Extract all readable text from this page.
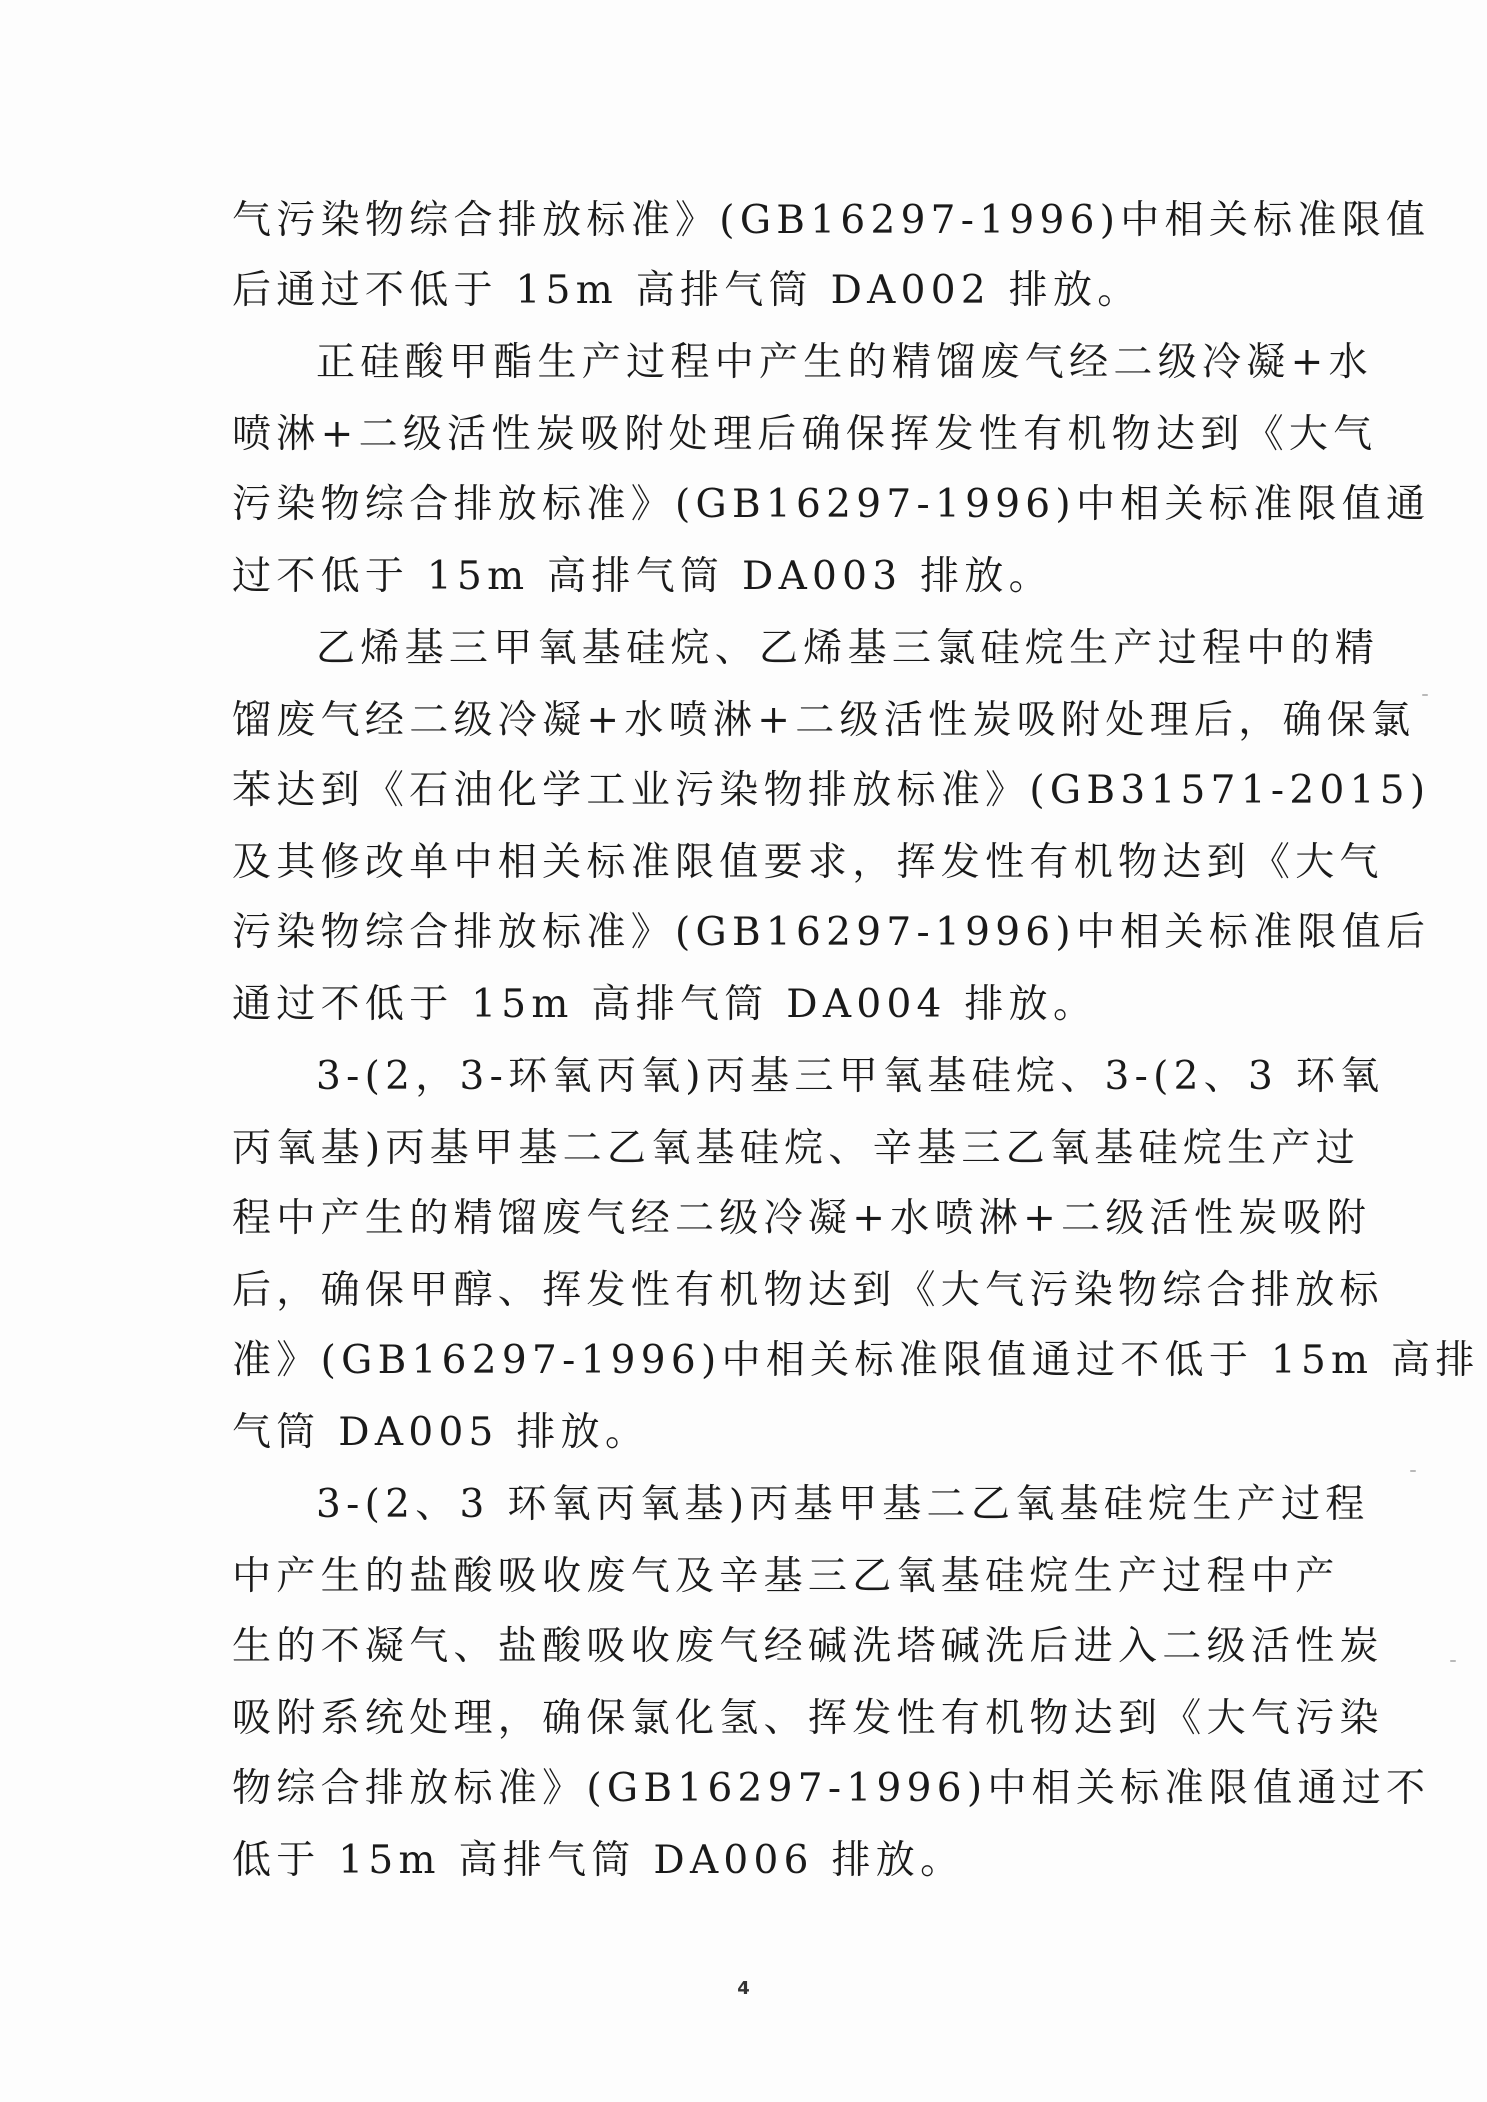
气污染物综合排放标准》(GB16297-1996)中相关标准限值
后通过不低于 15m 高排气筒 DA002 排放。
正硅酸甲酯生产过程中产生的精馏废气经二级冷凝+水
喷淋+二级活性炭吸附处理后确保挥发性有机物达到《大气
污染物综合排放标准》(GB16297-1996)中相关标准限值通
过不低于 15m 高排气筒 DA003 排放。
乙烯基三甲氧基硅烷、乙烯基三氯硅烷生产过程中的精
馏废气经二级冷凝+水喷淋+二级活性炭吸附处理后，确保氯
苯达到《石油化学工业污染物排放标准》(GB31571-2015)
及其修改单中相关标准限值要求，挥发性有机物达到《大气
污染物综合排放标准》(GB16297-1996)中相关标准限值后
通过不低于 15m 高排气筒 DA004 排放。
3-(2，3-环氧丙氧)丙基三甲氧基硅烷、3-(2、3 环氧
丙氧基)丙基甲基二乙氧基硅烷、辛基三乙氧基硅烷生产过
程中产生的精馏废气经二级冷凝+水喷淋+二级活性炭吸附
后，确保甲醇、挥发性有机物达到《大气污染物综合排放标
准》(GB16297-1996)中相关标准限值通过不低于 15m 高排
气筒 DA005 排放。
3-(2、3 环氧丙氧基)丙基甲基二乙氧基硅烷生产过程
中产生的盐酸吸收废气及辛基三乙氧基硅烷生产过程中产
生的不凝气、盐酸吸收废气经碱洗塔碱洗后进入二级活性炭
吸附系统处理，确保氯化氢、挥发性有机物达到《大气污染
物综合排放标准》(GB16297-1996)中相关标准限值通过不
低于 15m 高排气筒 DA006 排放。
4
